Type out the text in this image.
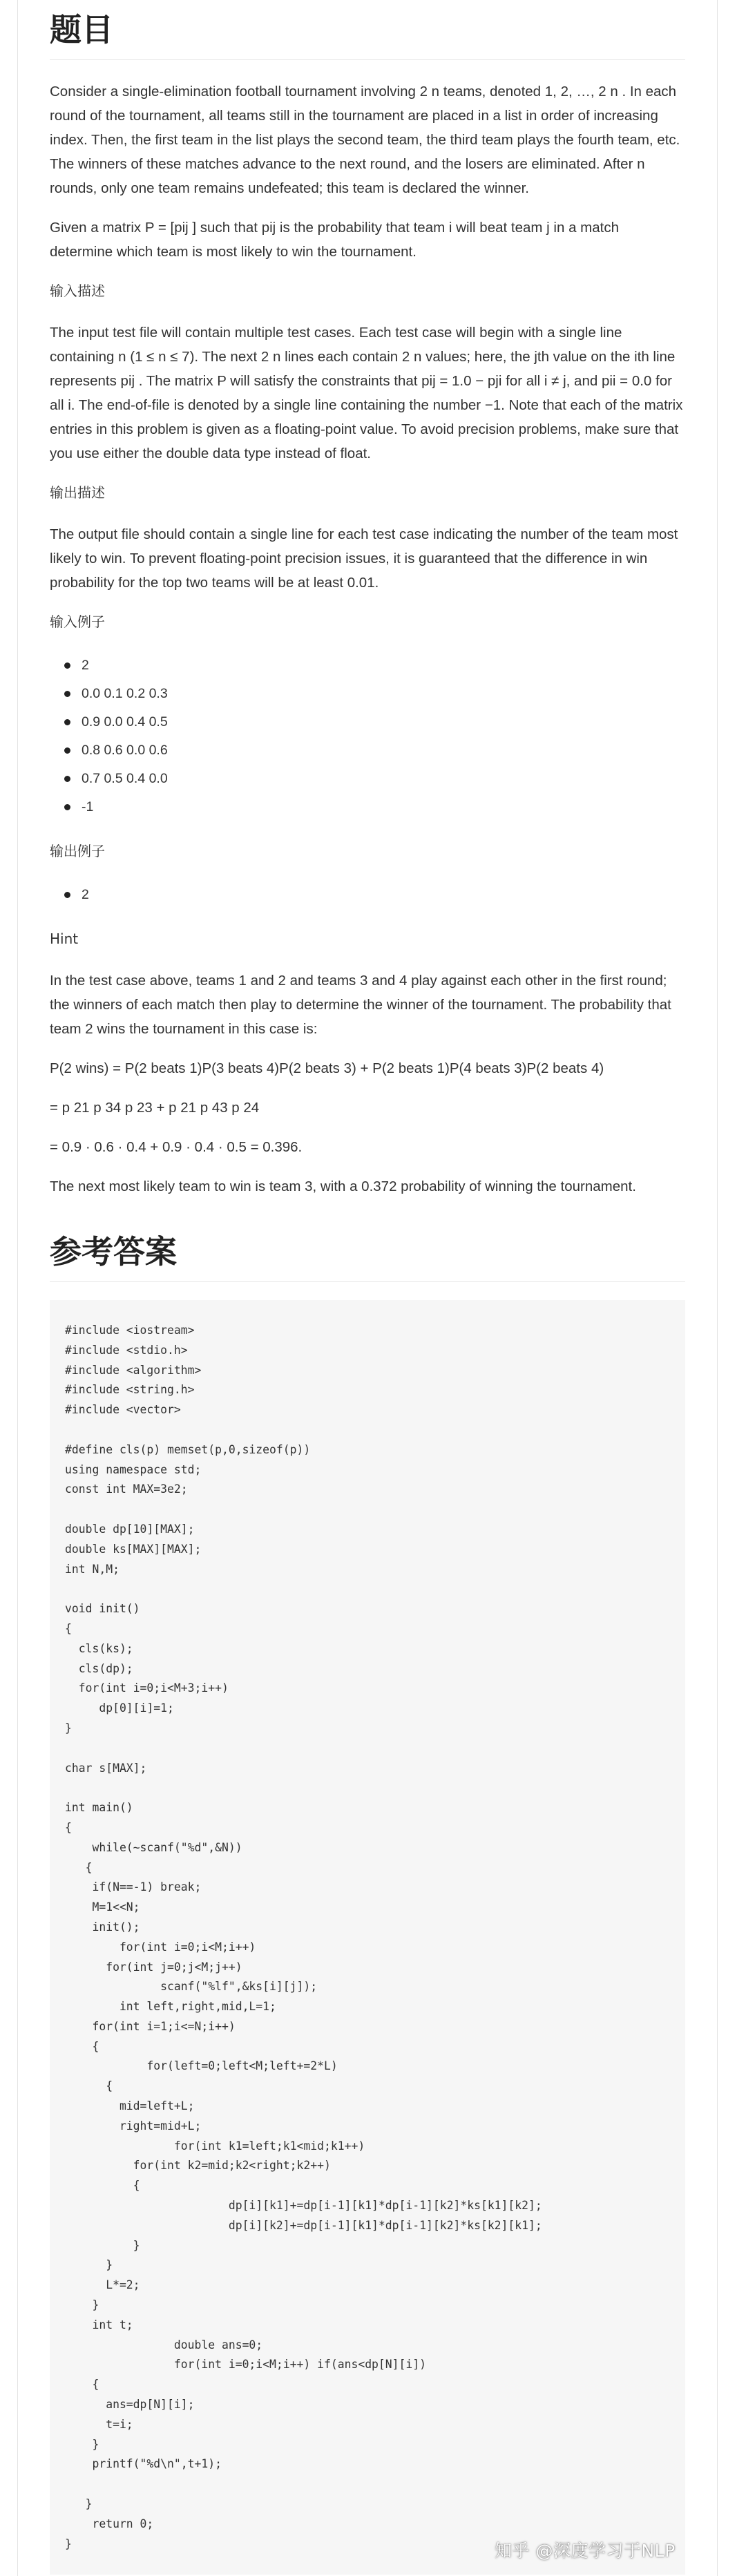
题目

Consider a single-elimination football tournament involving 2 n teams, denoted 1, 2, …, 2 n . In each round of the tournament, all teams still in the tournament are placed in a list in order of increasing index. Then, the first team in the list plays the second team, the third team plays the fourth team, etc. The winners of these matches advance to the next round, and the losers are eliminated. After n rounds, only one team remains undefeated; this team is declared the winner.

Given a matrix P = [pij ] such that pij is the probability that team i will beat team j in a match determine which team is most likely to win the tournament.

输入描述

The input test file will contain multiple test cases. Each test case will begin with a single line containing n (1 ≤ n ≤ 7). The next 2 n lines each contain 2 n values; here, the jth value on the ith line represents pij . The matrix P will satisfy the constraints that pij = 1.0 − pji for all i ≠ j, and pii = 0.0 for all i. The end-of-file is denoted by a single line containing the number −1. Note that each of the matrix entries in this problem is given as a floating-point value. To avoid precision problems, make sure that you use either the double data type instead of float.

输出描述

The output file should contain a single line for each test case indicating the number of the team most likely to win. To prevent floating-point precision issues, it is guaranteed that the difference in win probability for the top two teams will be at least 0.01.

输入例子
2
0.0 0.1 0.2 0.3
0.9 0.0 0.4 0.5
0.8 0.6 0.0 0.6
0.7 0.5 0.4 0.0
-1
输出例子
2
Hint

In the test case above, teams 1 and 2 and teams 3 and 4 play against each other in the first round; the winners of each match then play to determine the winner of the tournament. The probability that team 2 wins the tournament in this case is:

P(2 wins) = P(2 beats 1)P(3 beats 4)P(2 beats 3) + P(2 beats 1)P(4 beats 3)P(2 beats 4)

= p 21 p 34 p 23 + p 21 p 43 p 24

= 0.9 · 0.6 · 0.4 + 0.9 · 0.4 · 0.5 = 0.396.

The next most likely team to win is team 3, with a 0.372 probability of winning the tournament.

参考答案
#include <iostream>
#include <stdio.h>
#include <algorithm>
#include <string.h>
#include <vector>

#define cls(p) memset(p,0,sizeof(p))
using namespace std;
const int MAX=3e2;

double dp[10][MAX];
double ks[MAX][MAX];
int N,M;

void init()
{
cls(ks);
cls(dp);
for(int i=0;i<M+3;i++)
dp[0][i]=1;
}

char s[MAX];

int main()
{
while(~scanf("%d",&N))
{
if(N==-1) break;
M=1<<N;
init();
for(int i=0;i<M;i++)
for(int j=0;j<M;j++)
scanf("%lf",&ks[i][j]);
int left,right,mid,L=1;
for(int i=1;i<=N;i++)
{
for(left=0;left<M;left+=2*L)
{
mid=left+L;
right=mid+L;
for(int k1=left;k1<mid;k1++)
for(int k2=mid;k2<right;k2++)
{
dp[i][k1]+=dp[i-1][k1]*dp[i-1][k2]*ks[k1][k2];
dp[i][k2]+=dp[i-1][k1]*dp[i-1][k2]*ks[k2][k1];
}
}
L*=2;
}
int t;
double ans=0;
for(int i=0;i<M;i++) if(ans<dp[N][i])
{
ans=dp[N][i];
t=i;
}
printf("%d\n",t+1);

}
return 0;
}	知乎 @深度学习于NLP
